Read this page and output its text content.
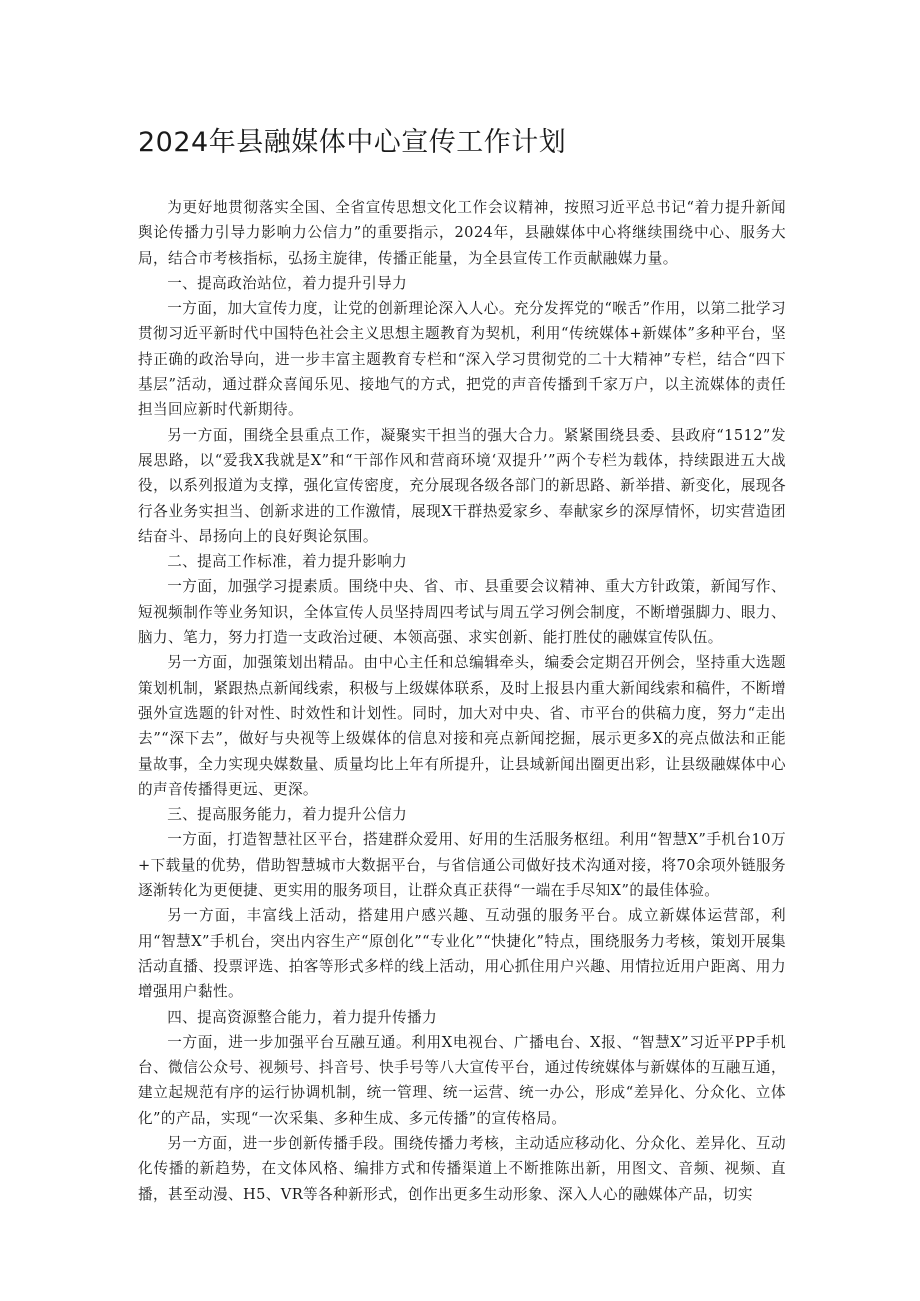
2024年县融媒体中心宣传工作计划

为更好地贯彻落实全国、全省宣传思想文化工作会议精神，按照习近平总书记“着力提升新闻舆论传播力引导力影响力公信力”的重要指示，2024年，县融媒体中心将继续围绕中心、服务大局，结合市考核指标，弘扬主旋律，传播正能量，为全县宣传工作贡献融媒力量。

一、提高政治站位，着力提升引导力

一方面，加大宣传力度，让党的创新理论深入人心。充分发挥党的“喉舌”作用，以第二批学习贯彻习近平新时代中国特色社会主义思想主题教育为契机，利用“传统媒体+新媒体”多种平台，坚持正确的政治导向，进一步丰富主题教育专栏和“深入学习贯彻党的二十大精神”专栏，结合“四下基层”活动，通过群众喜闻乐见、接地气的方式，把党的声音传播到千家万户，以主流媒体的责任担当回应新时代新期待。

另一方面，围绕全县重点工作，凝聚实干担当的强大合力。紧紧围绕县委、县政府“1512”发展思路，以“爱我X我就是X”和“干部作风和营商环境‘双提升’”两个专栏为载体，持续跟进五大战役，以系列报道为支撑，强化宣传密度，充分展现各级各部门的新思路、新举措、新变化，展现各行各业务实担当、创新求进的工作激情，展现X干群热爱家乡、奉献家乡的深厚情怀，切实营造团结奋斗、昂扬向上的良好舆论氛围。

二、提高工作标准，着力提升影响力

一方面，加强学习提素质。围绕中央、省、市、县重要会议精神、重大方针政策，新闻写作、短视频制作等业务知识，全体宣传人员坚持周四考试与周五学习例会制度，不断增强脚力、眼力、脑力、笔力，努力打造一支政治过硬、本领高强、求实创新、能打胜仗的融媒宣传队伍。

另一方面，加强策划出精品。由中心主任和总编辑牵头，编委会定期召开例会，坚持重大选题策划机制，紧跟热点新闻线索，积极与上级媒体联系，及时上报县内重大新闻线索和稿件，不断增强外宣选题的针对性、时效性和计划性。同时，加大对中央、省、市平台的供稿力度，努力“走出去”“深下去”，做好与央视等上级媒体的信息对接和亮点新闻挖掘，展示更多X的亮点做法和正能量故事，全力实现央媒数量、质量均比上年有所提升，让县域新闻出圈更出彩，让县级融媒体中心的声音传播得更远、更深。

三、提高服务能力，着力提升公信力

一方面，打造智慧社区平台，搭建群众爱用、好用的生活服务枢纽。利用“智慧X”手机台10万+下载量的优势，借助智慧城市大数据平台，与省信通公司做好技术沟通对接，将70余项外链服务逐渐转化为更便捷、更实用的服务项目，让群众真正获得“一端在手尽知X”的最佳体验。

另一方面，丰富线上活动，搭建用户感兴趣、互动强的服务平台。成立新媒体运营部，利用“智慧X”手机台，突出内容生产“原创化”“专业化”“快捷化”特点，围绕服务力考核，策划开展集活动直播、投票评选、拍客等形式多样的线上活动，用心抓住用户兴趣、用情拉近用户距离、用力增强用户黏性。

四、提高资源整合能力，着力提升传播力

一方面，进一步加强平台互融互通。利用X电视台、广播电台、X报、“智慧X”习近平PP手机台、微信公众号、视频号、抖音号、快手号等八大宣传平台，通过传统媒体与新媒体的互融互通，建立起规范有序的运行协调机制，统一管理、统一运营、统一办公，形成“差异化、分众化、立体化”的产品，实现“一次采集、多种生成、多元传播”的宣传格局。

另一方面，进一步创新传播手段。围绕传播力考核，主动适应移动化、分众化、差异化、互动化传播的新趋势，在文体风格、编排方式和传播渠道上不断推陈出新，用图文、音频、视频、直播，甚至动漫、H5、VR等各种新形式，创作出更多生动形象、深入人心的融媒体产品，切实
